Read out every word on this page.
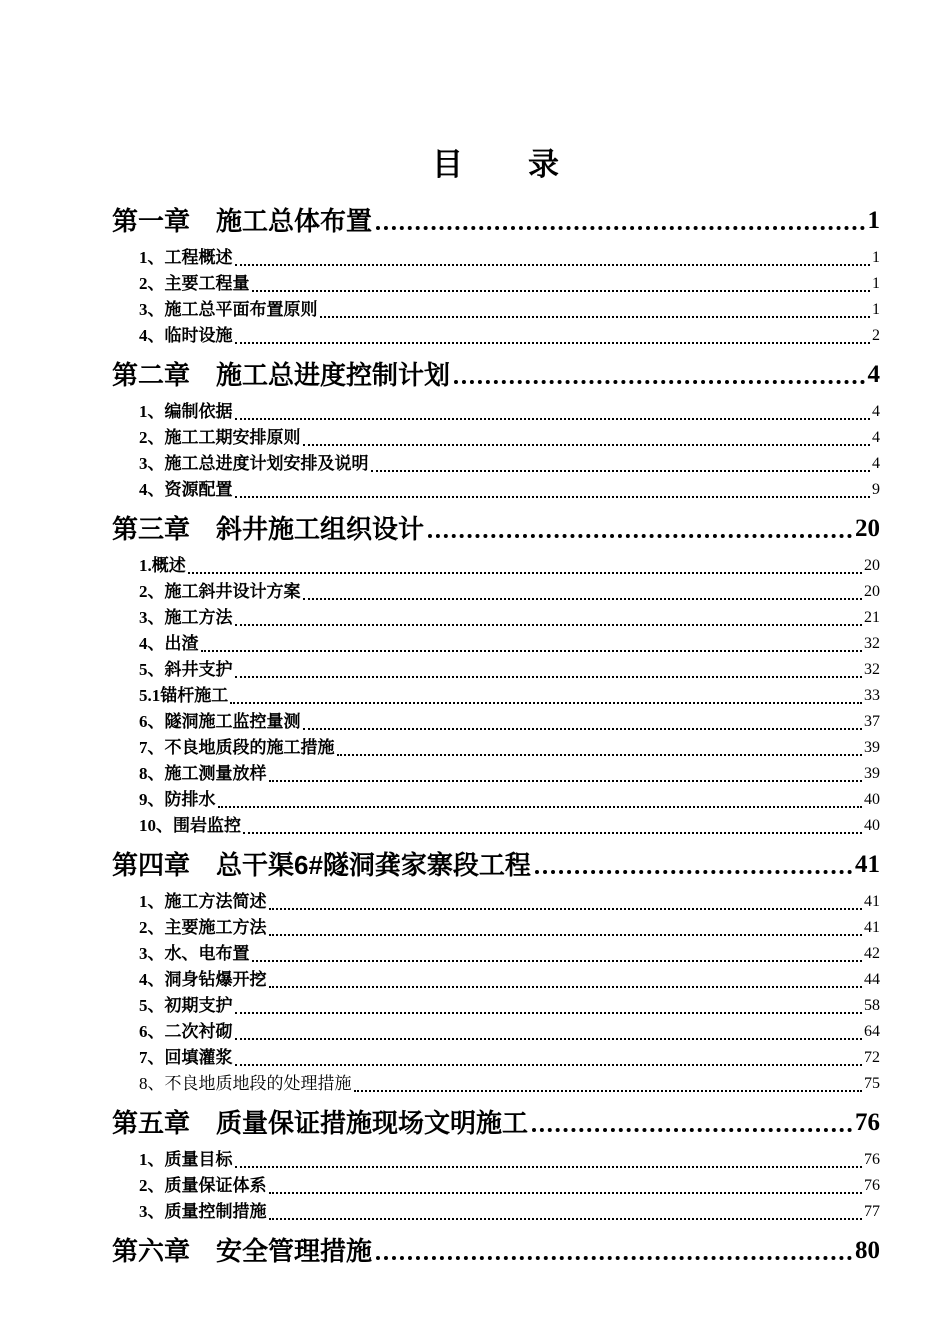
目　　录
第一章　施工总体布置	1
1、工程概述	1
2、主要工程量	1
3、施工总平面布置原则	1
4、临时设施	2
第二章　施工总进度控制计划	4
1、编制依据	4
2、施工工期安排原则	4
3、施工总进度计划安排及说明	4
4、资源配置	9
第三章　斜井施工组织设计	20
1.概述	20
2、施工斜井设计方案	20
3、施工方法	21
4、出渣	32
5、斜井支护	32
5.1锚杆施工	33
6、隧洞施工监控量测	37
7、不良地质段的施工措施	39
8、施工测量放样	39
9、防排水	40
10、围岩监控	40
第四章　总干渠6#隧洞龚家寨段工程	41
1、施工方法简述	41
2、主要施工方法	41
3、水、电布置	42
4、洞身钻爆开挖	44
5、初期支护	58
6、二次衬砌	64
7、回填灌浆	72
8、不良地质地段的处理措施	75
第五章　质量保证措施现场文明施工	76
1、质量目标	76
2、质量保证体系	76
3、质量控制措施	77
第六章　安全管理措施	80
